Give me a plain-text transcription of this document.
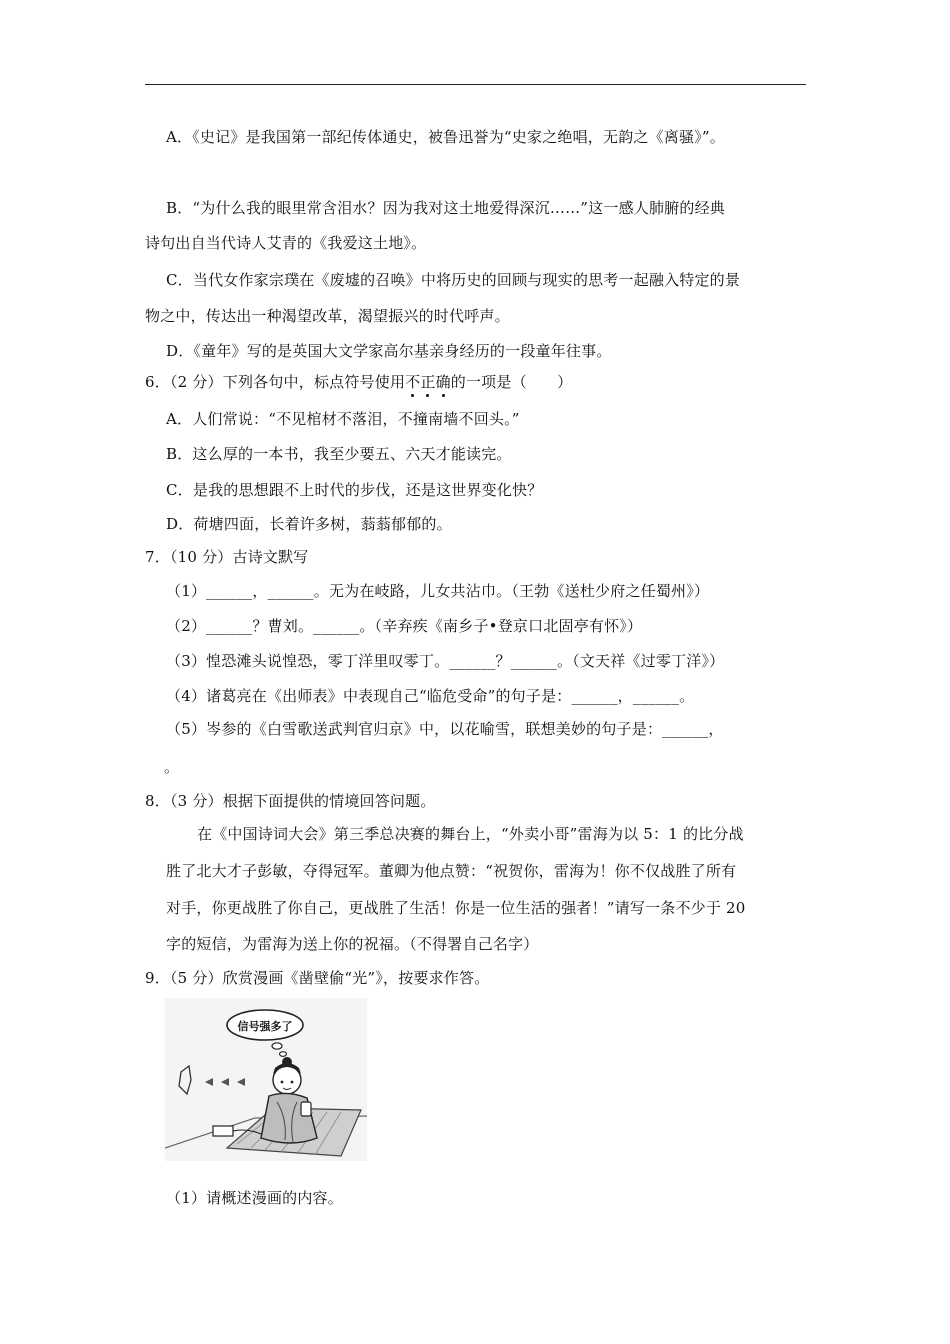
A．《史记》是我国第一部纪传体通史，被鲁迅誉为“史家之绝唱，无韵之《离骚》”。
B．“为什么我的眼里常含泪水？因为我对这土地爱得深沉……”这一感人肺腑的经典
诗句出自当代诗人艾青的《我爱这土地》。
C．当代女作家宗璞在《废墟的召唤》中将历史的回顾与现实的思考一起融入特定的景
物之中，传达出一种渴望改革，渴望振兴的时代呼声。
D．《童年》写的是英国大文学家高尔基亲身经历的一段童年往事。
6．（2 分）下列各句中，标点符号使用不正确的一项是（　　）
A．人们常说：“不见棺材不落泪，不撞南墙不回头。”
B．这么厚的一本书，我至少要五、六天才能读完。
C．是我的思想跟不上时代的步伐，还是这世界变化快？
D．荷塘四面，长着许多树，蓊蓊郁郁的。
7．（10 分）古诗文默写
（1）______，______。无为在岐路，儿女共沾巾。（王勃《送杜少府之任蜀州》）
（2）______？曹刘。______。（辛弃疾《南乡子•登京口北固亭有怀》）
（3）惶恐滩头说惶恐，零丁洋里叹零丁。______？______。（文天祥《过零丁洋》）
（4）诸葛亮在《出师表》中表现自己“临危受命”的句子是：______，______。
（5）岑参的《白雪歌送武判官归京》中，以花喻雪，联想美妙的句子是：______，
。
8．（3 分）根据下面提供的情境回答问题。
在《中国诗词大会》第三季总决赛的舞台上，“外卖小哥”雷海为以 5：1 的比分战
胜了北大才子彭敏，夺得冠军。董卿为他点赞：“祝贺你，雷海为！你不仅战胜了所有
对手，你更战胜了你自己，更战胜了生活！你是一位生活的强者！”请写一条不少于 20
字的短信，为雷海为送上你的祝福。（不得署自己名字）
9．（5 分）欣赏漫画《凿壁偷“光”》，按要求作答。
信号强多了
（1）请概述漫画的内容。
